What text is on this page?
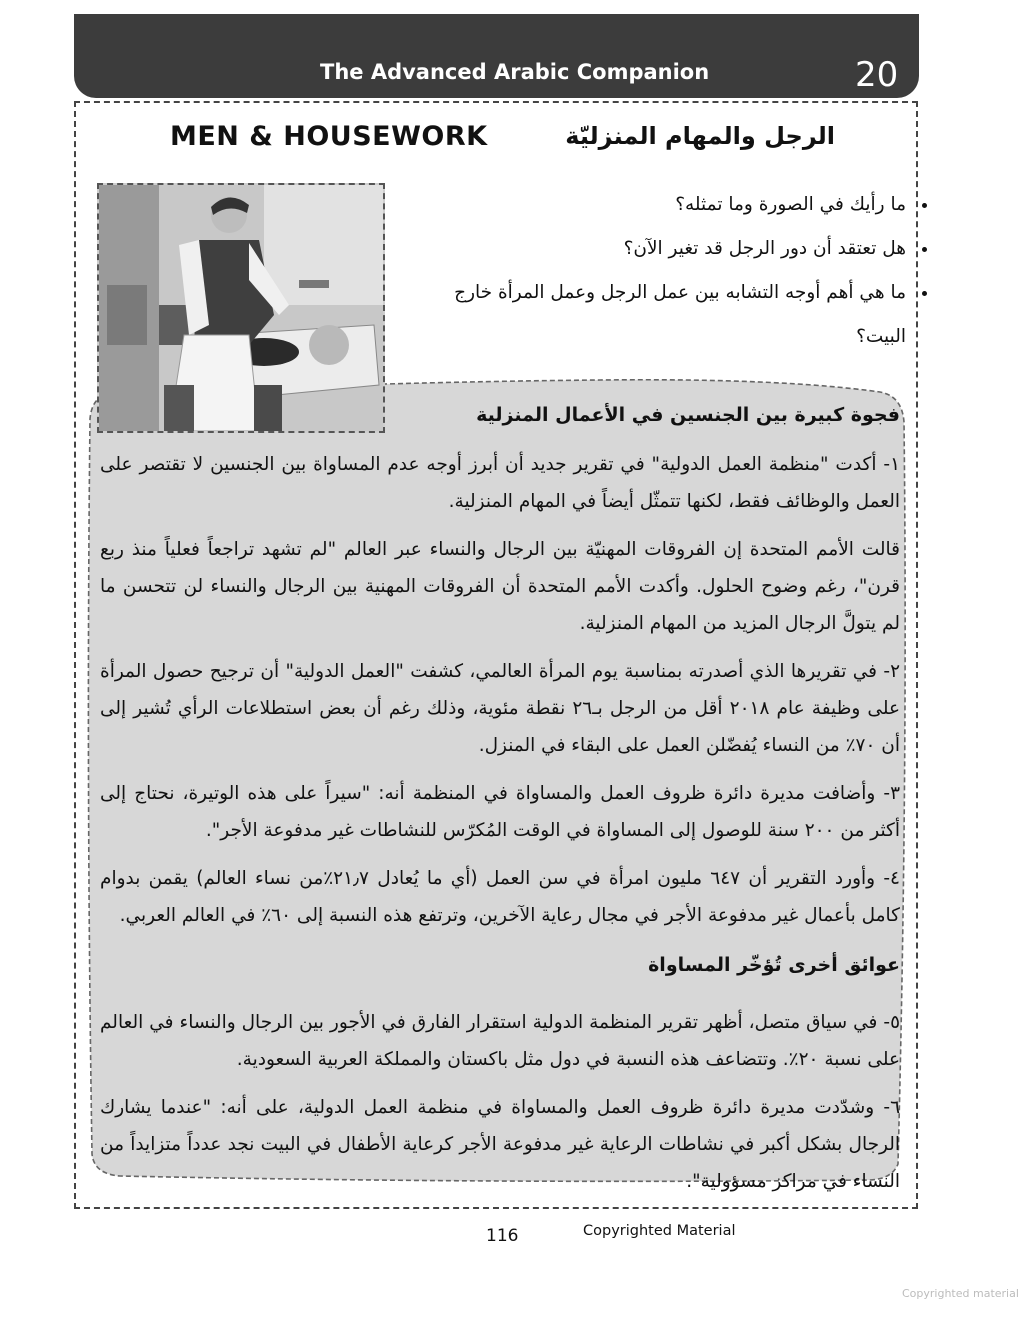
The Advanced Arabic Companion	20
MEN & HOUSEWORK	الرجل والمهام المنزليّة
• ما رأيك في الصورة وما تمثله؟
• هل تعتقد أن دور الرجل قد تغير الآن؟
• ما هي أهم أوجه التشابه بين عمل الرجل وعمل المرأة خارج البيت؟
فجوة كبيرة بين الجنسين في الأعمال المنزلية

١- أكدت "منظمة العمل الدولية" في تقرير جديد أن أبرز أوجه عدم المساواة بين الجنسين لا تقتصر على العمل والوظائف فقط، لكنها تتمثّل أيضاً في المهام المنزلية.

قالت الأمم المتحدة إن الفروقات المهنيّة بين الرجال والنساء عبر العالم "لم تشهد تراجعاً فعلياً منذ ربع قرن"، رغم وضوح الحلول. وأكدت الأمم المتحدة أن الفروقات المهنية بين الرجال والنساء لن تتحسن ما لم يتولَّ الرجال المزيد من المهام المنزلية.

٢- في تقريرها الذي أصدرته بمناسبة يوم المرأة العالمي، كشفت "العمل الدولية" أن ترجيح حصول المرأة على وظيفة عام ٢٠١٨ أقل من الرجل بـ٢٦ نقطة مئوية، وذلك رغم أن بعض استطلاعات الرأي تُشير إلى أن ٧٠٪ من النساء يُفضّلن العمل على البقاء في المنزل.

٣- وأضافت مديرة دائرة ظروف العمل والمساواة في المنظمة أنه: "سيراً على هذه الوتيرة، نحتاج إلى أكثر من ٢٠٠ سنة للوصول إلى المساواة في الوقت المُكرّس للنشاطات غير مدفوعة الأجر".

٤- وأورد التقرير أن ٦٤٧ مليون امرأة في سن العمل (أي ما يُعادل ٢١٫٧٪من نساء العالم) يقمن بدوام كامل بأعمال غير مدفوعة الأجر في مجال رعاية الآخرين، وترتفع هذه النسبة إلى ٦٠٪ في العالم العربي.

عوائق أخرى تُؤخّر المساواة

٥- في سياق متصل، أظهر تقرير المنظمة الدولية استقرار الفارق في الأجور بين الرجال والنساء في العالم على نسبة ٢٠٪. وتتضاعف هذه النسبة في دول مثل باكستان والمملكة العربية السعودية.

٦- وشدّدت مديرة دائرة ظروف العمل والمساواة في منظمة العمل الدولية، على أنه: "عندما يشارك الرجال بشكل أكبر في نشاطات الرعاية غير مدفوعة الأجر كرعاية الأطفال في البيت نجد عدداً متزايداً من النساء في مراكز مسؤولية".

116	Copyrighted Material
Copyrighted material
